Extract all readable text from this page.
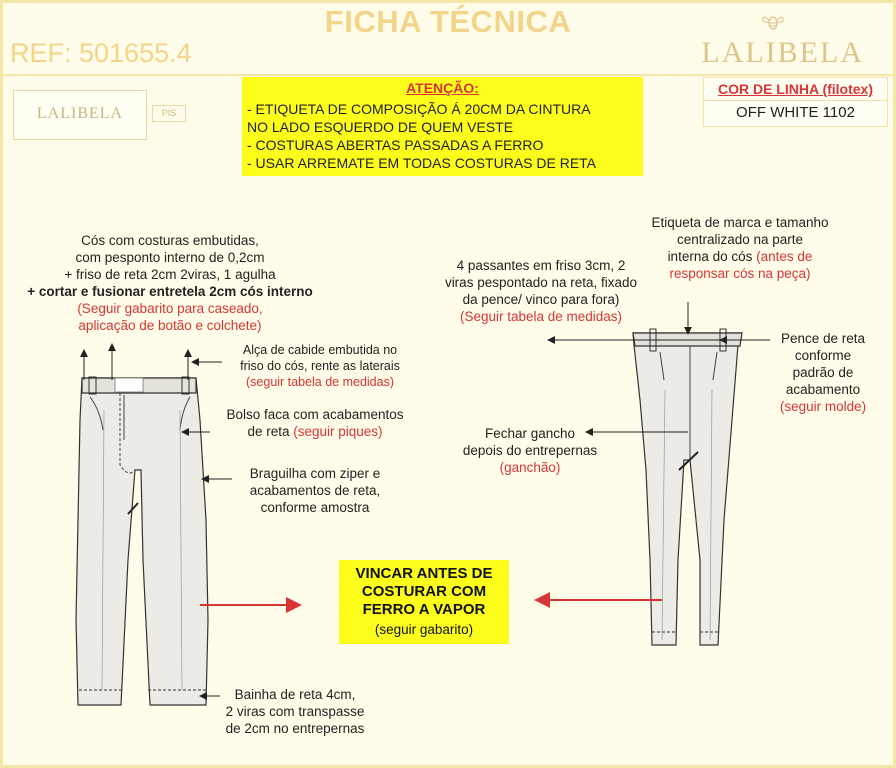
FICHA TÉCNICA
REF: 501655.4	LALIBELA
LALIBELA	PIS
ATENÇÃO:
- ETIQUETA DE COMPOSIÇÃO Á 20CM DA CINTURA
NO LADO ESQUERDO DE QUEM VESTE
- COSTURAS ABERTAS PASSADAS A FERRO
- USAR ARREMATE EM TODAS COSTURAS DE RETA
COR DE LINHA (filotex)
OFF WHITE 1102
Cós com costuras embutidas,
com pesponto interno de 0,2cm
+ friso de reta 2cm 2viras, 1 agulha
+ cortar e fusionar entretela 2cm cós interno
(Seguir gabarito para caseado,
aplicação de botão e colchete)
Alça de cabide embutida no
friso do cós, rente as laterais
(seguir tabela de medidas)
Bolso faca com acabamentos
de reta (seguir piques)
Braguilha com ziper e
acabamentos de reta,
conforme amostra
Bainha de reta 4cm,
2 viras com transpasse
de 2cm no entrepernas
Etiqueta de marca e tamanho
centralizado na parte
interna do cós (antes de
responsar cós na peça)
4 passantes em friso 3cm, 2
viras pespontado na reta, fixado
da pence/ vinco para fora)
(Seguir tabela de medidas)
Pence de reta
conforme
padrão de
acabamento
(seguir molde)
Fechar gancho
depois do entrepernas
(ganchão)
VINCAR ANTES DE
COSTURAR COM
FERRO A VAPOR
(seguir gabarito)
